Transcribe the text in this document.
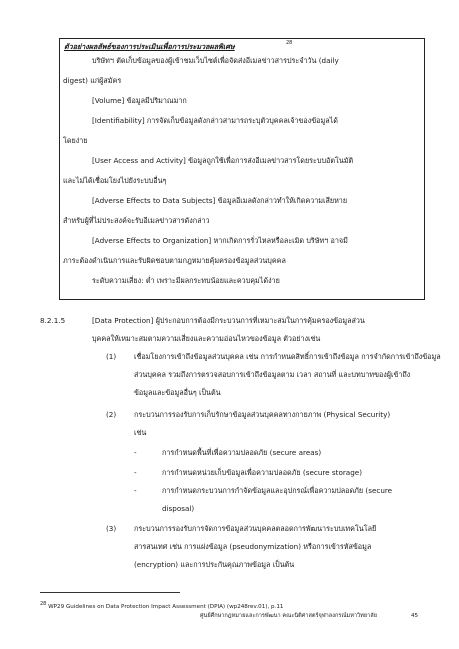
ตัวอย่างผลลัพธ์ของการประเมินเพื่อการประมวลผลพิเศษ	28
บริษัทฯ ตัดเก็บข้อมูลของผู้เข้าชมเว็บไซต์เพื่อจัดส่งอีเมลข่าวสารประจำวัน (daily
digest) แก่ผู้สมัคร
[Volume] ข้อมูลมีปริมาณมาก
[Identifiability] การจัดเก็บข้อมูลดังกล่าวสามารถระบุตัวบุคคลเจ้าของข้อมูลได้
โดยง่าย
[User Access and Activity] ข้อมูลถูกใช้เพื่อการส่งอีเมลข่าวสารโดยระบบอัตโนมัติ
และไม่ได้เชื่อมโยงไปยังระบบอื่นๆ
[Adverse Effects to Data Subjects] ข้อมูลอีเมลดังกล่าวทำให้เกิดความเสียหาย
สำหรับผู้ที่ไม่ประสงค์จะรับอีเมลข่าวสารดังกล่าว
[Adverse Effects to Organization] หากเกิดการรั่วไหลหรือละเมิด บริษัทฯ อาจมี
ภาระต้องดำเนินการและรับผิดชอบตามกฎหมายคุ้มครองข้อมูลส่วนบุคคล
ระดับความเสี่ยง: ต่ำ เพราะมีผลกระทบน้อยและควบคุมได้ง่าย
8.2.1.5	[Data Protection] ผู้ประกอบการต้องมีกระบวนการที่เหมาะสมในการคุ้มครองข้อมูลส่วน
บุคคลให้เหมาะสมตามความเสี่ยงและความอ่อนไหวของข้อมูล ตัวอย่างเช่น
(1) เชื่อมโยงการเข้าถึงข้อมูลส่วนบุคคล เช่น การกำหนดสิทธิ์การเข้าถึงข้อมูล การจำกัดการเข้าถึงข้อมูล
ส่วนบุคคล รวมถึงการตรวจสอบการเข้าถึงข้อมูลตาม เวลา สถานที่ และบทบาทของผู้เข้าถึง
ข้อมูลและข้อมูลอื่นๆ เป็นต้น
(2) กระบวนการรองรับการเก็บรักษาข้อมูลส่วนบุคคลทางกายภาพ (Physical Security)
เช่น
-	การกำหนดพื้นที่เพื่อความปลอดภัย (secure areas)
-	การกำหนดหน่วยเก็บข้อมูลเพื่อความปลอดภัย (secure storage)
-	การกำหนดกระบวนการกำจัดข้อมูลและอุปกรณ์เพื่อความปลอดภัย (secure
disposal)
(3) กระบวนการรองรับการจัดการข้อมูลส่วนบุคคลตลอดการพัฒนาระบบเทคโนโลยี
สารสนเทศ เช่น การแฝงข้อมูล (pseudonymization) หรือการเข้ารหัสข้อมูล
(encryption) และการประกันคุณภาพข้อมูล เป็นต้น
28 WP29 Guidelines on Data Protection Impact Assessment (DPIA) (wp248rev.01), p.11
ศูนย์ศึกษากฎหมายและการพัฒนา คณะนิติศาสตร์จุฬาลงกรณ์มหาวิทยาลัย	45
